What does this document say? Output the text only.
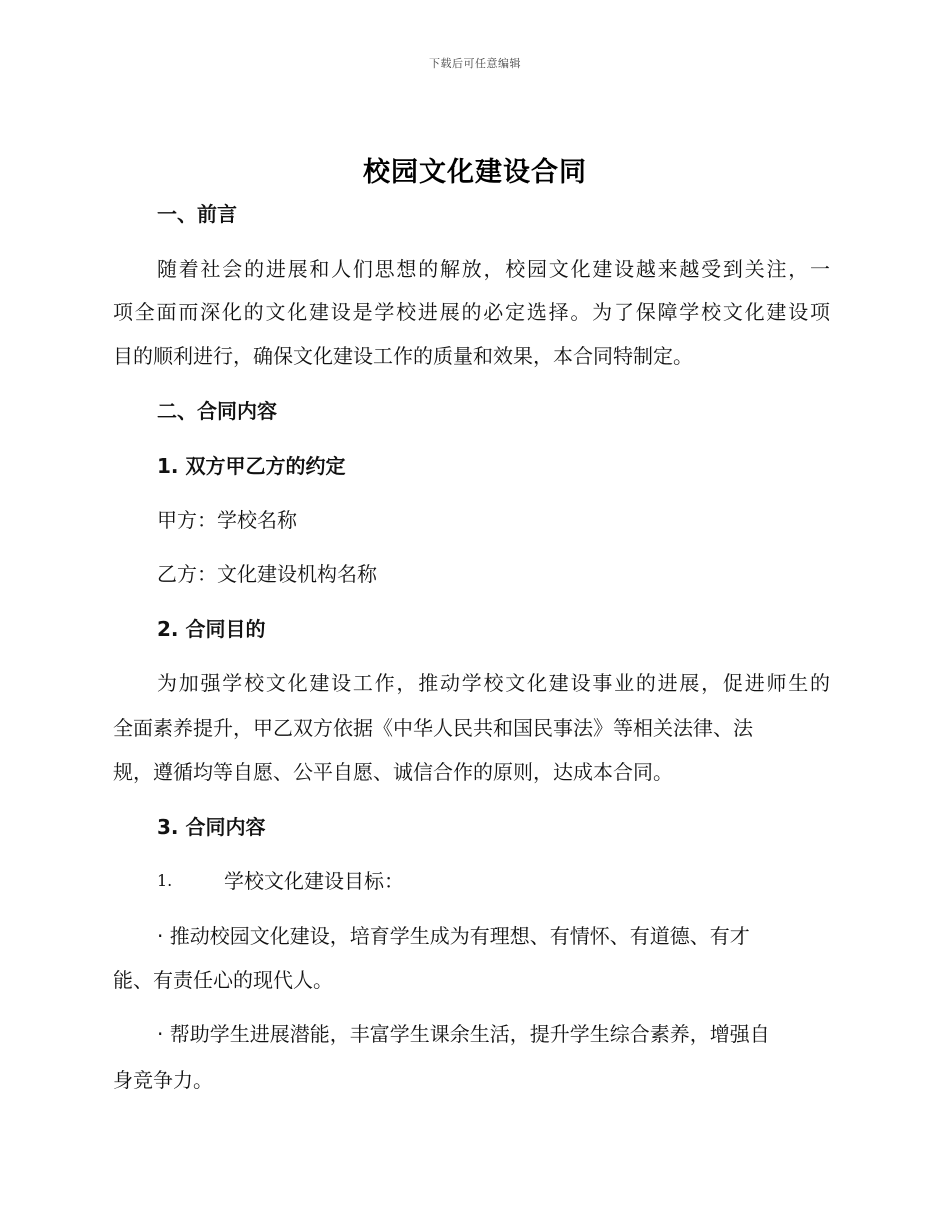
下载后可任意编辑
校园文化建设合同
一、前言
随着社会的进展和人们思想的解放，校园文化建设越来越受到关注，一
项全面而深化的文化建设是学校进展的必定选择。为了保障学校文化建设项
目的顺利进行，确保文化建设工作的质量和效果，本合同特制定。
二、合同内容
1. 双方甲乙方的约定
甲方：学校名称
乙方：文化建设机构名称
2. 合同目的
为加强学校文化建设工作，推动学校文化建设事业的进展，促进师生的
全面素养提升，甲乙双方依据《中华人民共和国民事法》等相关法律、法
规，遵循均等自愿、公平自愿、诚信合作的原则，达成本合同。
3. 合同内容
1.	学校文化建设目标：
· 推动校园文化建设，培育学生成为有理想、有情怀、有道德、有才
能、有责任心的现代人。
· 帮助学生进展潜能，丰富学生课余生活，提升学生综合素养，增强自
身竞争力。
